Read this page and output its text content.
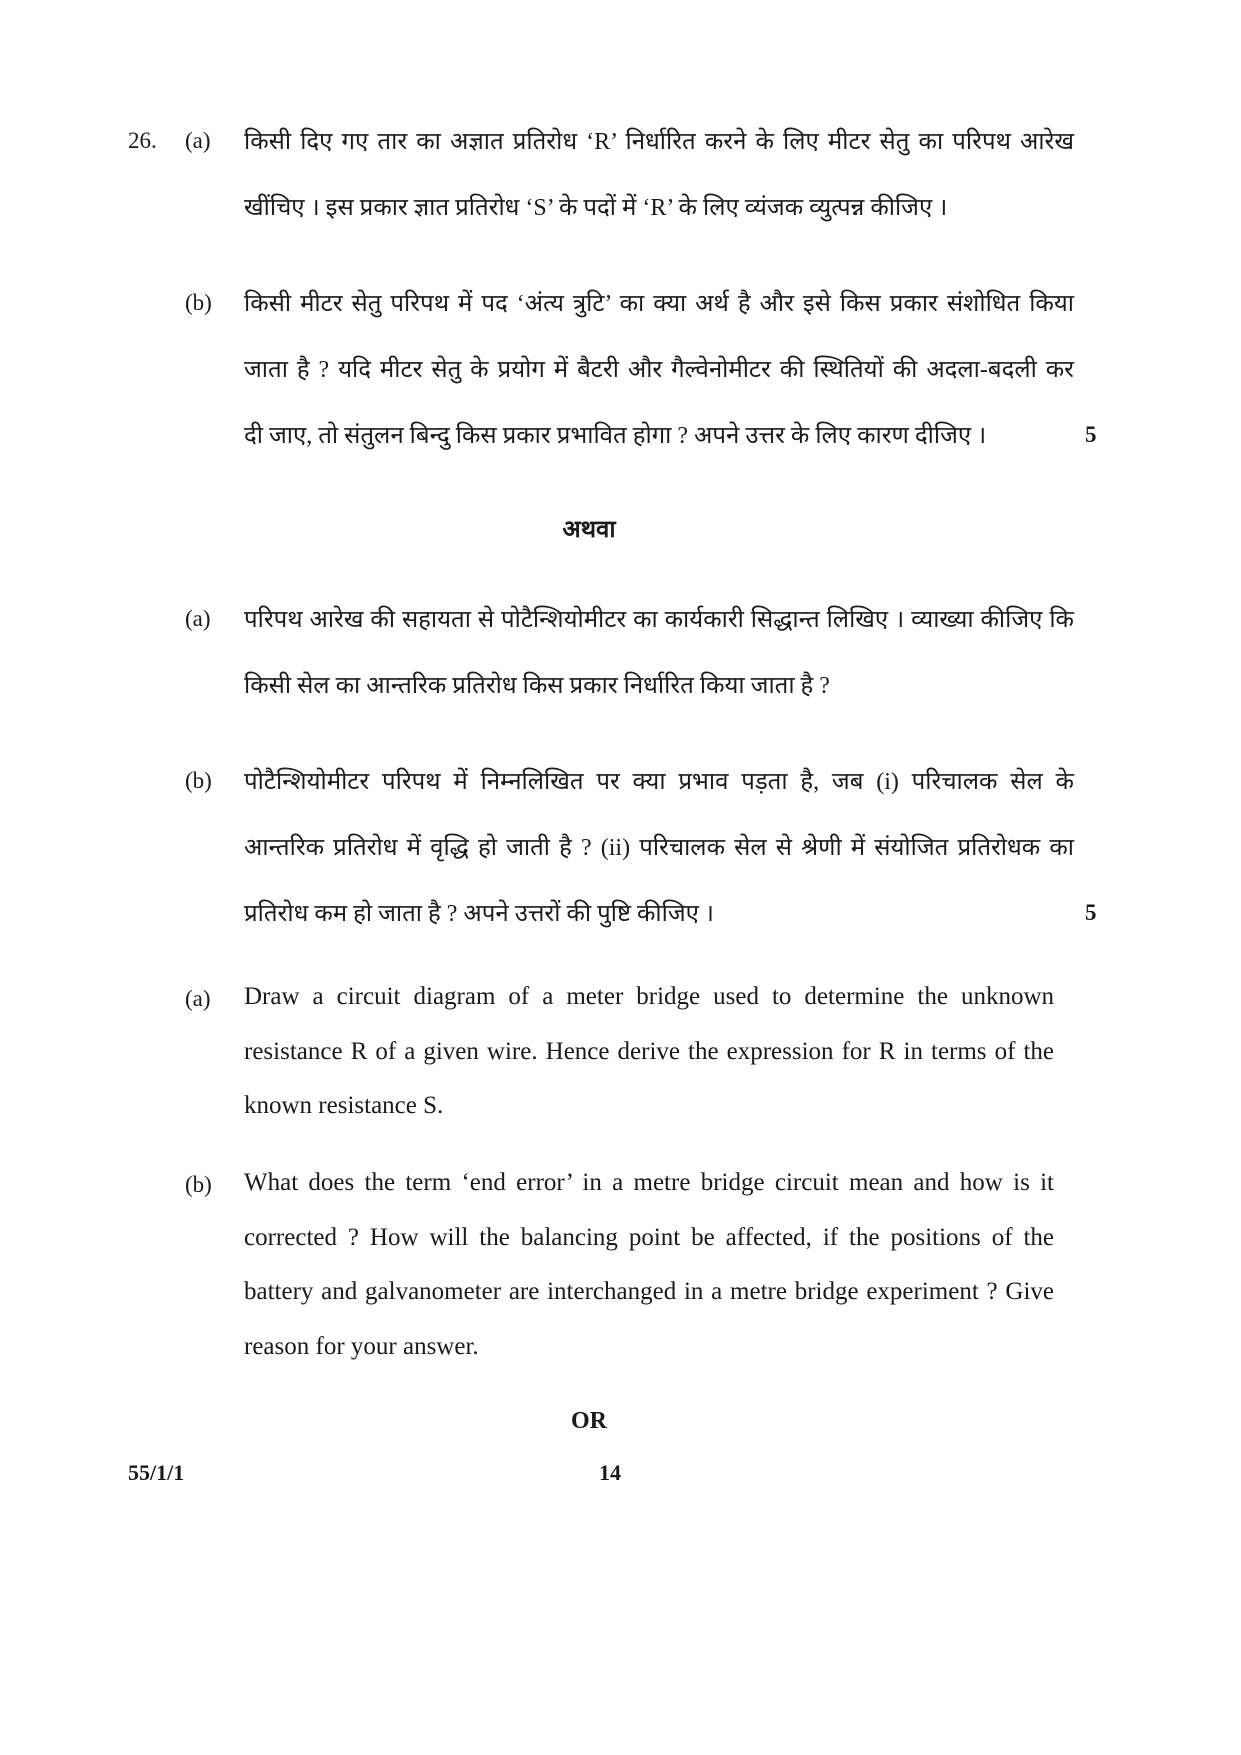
26. (a) किसी दिए गए तार का अज्ञात प्रतिरोध ‘R’ निर्धारित करने के लिए मीटर सेतु का परिपथ आरेख
खींचिए । इस प्रकार ज्ञात प्रतिरोध ‘S’ के पदों में ‘R’ के लिए व्यंजक व्युत्पन्न कीजिए ।
(b) किसी मीटर सेतु परिपथ में पद ‘अंत्य त्रुटि’ का क्या अर्थ है और इसे किस प्रकार संशोधित किया
जाता है ? यदि मीटर सेतु के प्रयोग में बैटरी और गैल्वेनोमीटर की स्थितियों की अदला-बदली कर
दी जाए, तो संतुलन बिन्दु किस प्रकार प्रभावित होगा ? अपने उत्तर के लिए कारण दीजिए ।	5
अथवा
(a) परिपथ आरेख की सहायता से पोटैन्शियोमीटर का कार्यकारी सिद्धान्त लिखिए । व्याख्या कीजिए कि
किसी सेल का आन्तरिक प्रतिरोध किस प्रकार निर्धारित किया जाता है ?
(b) पोटैन्शियोमीटर परिपथ में निम्नलिखित पर क्या प्रभाव पड़ता है, जब (i) परिचालक सेल के
आन्तरिक प्रतिरोध में वृद्धि हो जाती है ? (ii) परिचालक सेल से श्रेणी में संयोजित प्रतिरोधक का
प्रतिरोध कम हो जाता है ? अपने उत्तरों की पुष्टि कीजिए ।	5
(a) Draw a circuit diagram of a meter bridge used to determine the unknown resistance R of a given wire. Hence derive the expression for R in terms of the known resistance S.

(b) What does the term ‘end error’ in a metre bridge circuit mean and how is it corrected ? How will the balancing point be affected, if the positions of the battery and galvanometer are interchanged in a metre bridge experiment ? Give reason for your answer.

OR
55/1/1	14
